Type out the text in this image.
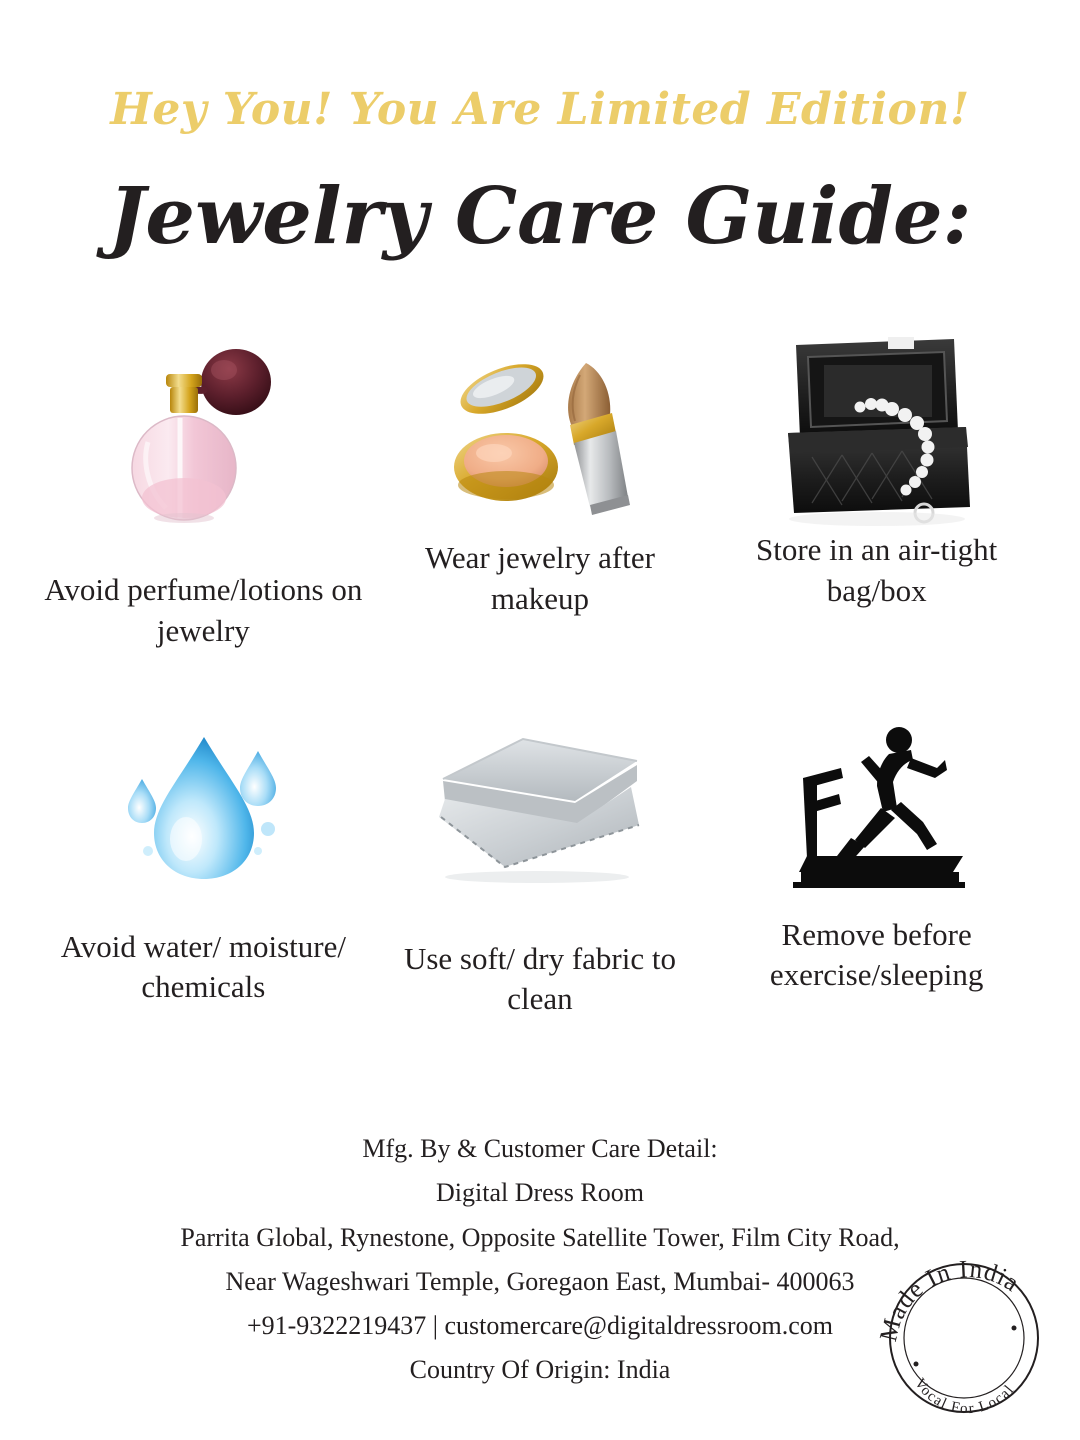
Hey You! You Are Limited Edition!
Jewelry Care Guide:
Avoid perfume/lotions on jewelry
Wear jewelry after makeup
Store in an air-tight bag/box
Avoid water/ moisture/ chemicals
Use soft/ dry fabric to clean
Remove before exercise/sleeping
Mfg. By & Customer Care Detail:
Digital Dress Room
Parrita Global, Rynestone, Opposite Satellite Tower, Film City Road,
Near Wageshwari Temple, Goregaon East, Mumbai- 400063
+91-9322219437 | customercare@digitaldressroom.com
Country Of Origin: India
Made In India
Vocal For Local
